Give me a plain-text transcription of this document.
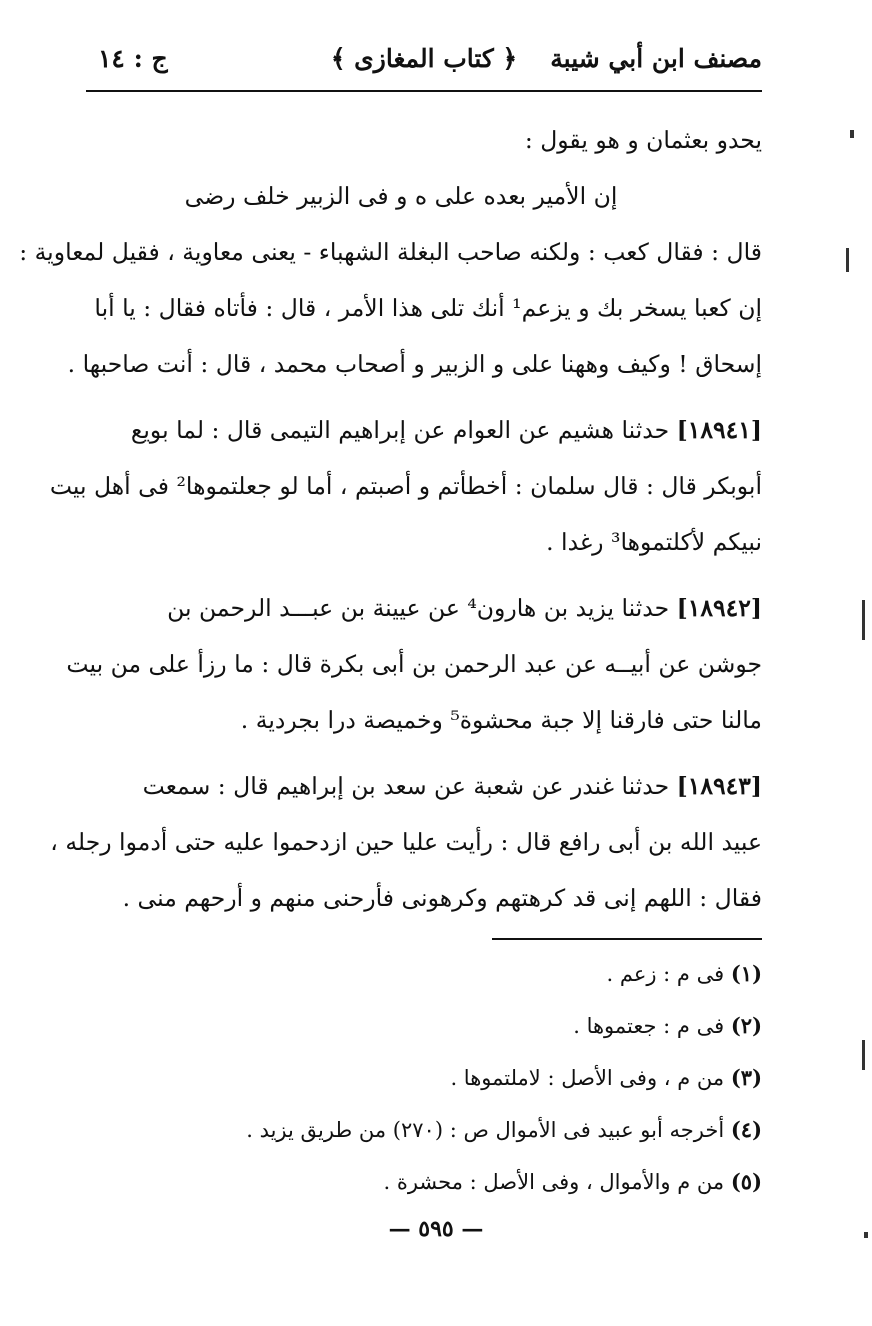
مصنف ابن أبي شيبة
﴿ كتاب المغازى ﴾
ج : ١٤
يحدو بعثمان و هو يقول :
إن الأمير بعده على ه و فى الزبير خلف رضى
قال : فقال كعب : ولكنه صاحب البغلة الشهباء - يعنى معاوية ، فقيل لمعاوية :
إن كعبا يسخر بك و يزعم¹ أنك تلى هذا الأمر ، قال : فأتاه فقال : يا أبا
إسحاق ! وكيف وههنا على و الزبير و أصحاب محمد ، قال : أنت صاحبها .
[١٨٩٤١] حدثنا هشيم عن العوام عن إبراهيم التيمى قال : لما بويع
أبوبكر قال : قال سلمان : أخطأتم و أصبتم ، أما لو جعلتموها² فى أهل بيت
نبيكم لأكلتموها³ رغدا .
[١٨٩٤٢] حدثنا يزيد بن هارون⁴ عن عيينة بن عبـــد الرحمن بن
جوشن عن أبيــه عن عبد الرحمن بن أبى بكرة قال : ما رزأ على من بيت
مالنا حتى فارقنا إلا جبة محشوة⁵ وخميصة درا بجردية .
[١٨٩٤٣] حدثنا غندر عن شعبة عن سعد بن إبراهيم قال : سمعت
عبيد الله بن أبى رافع قال : رأيت عليا حين ازدحموا عليه حتى أدموا رجله ،
فقال : اللهم إنى قد كرهتهم وكرهونى فأرحنى منهم و أرحهم منى .
(١) فى م : زعم .
(٢) فى م : جعتموها .
(٣) من م ، وفى الأصل : لاملتموها .
(٤) أخرجه أبو عبيد فى الأموال ص : (٢٧٠) من طريق يزيد .
(٥) من م والأموال ، وفى الأصل : محشرة .
— ٥٩٥ —
